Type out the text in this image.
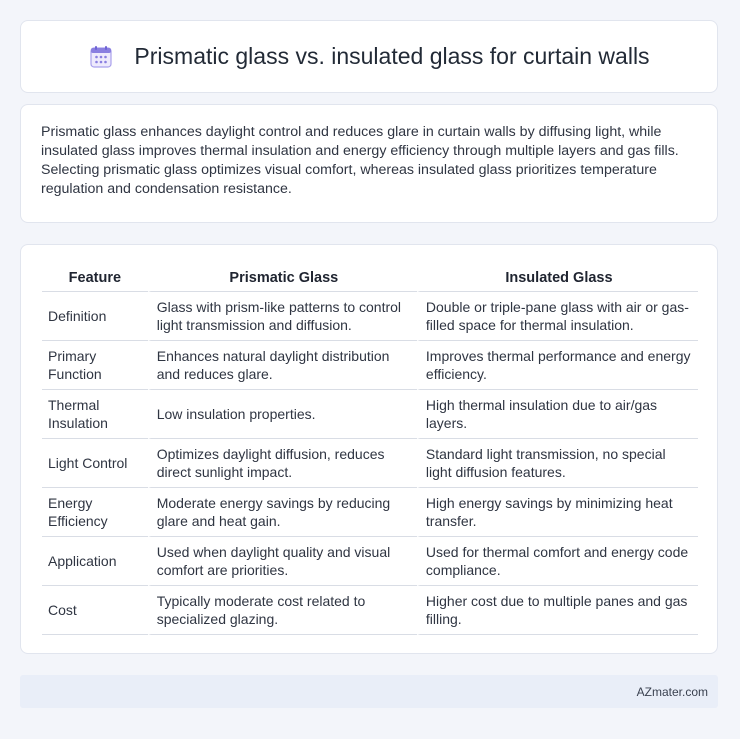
Prismatic glass vs. insulated glass for curtain walls

Prismatic glass enhances daylight control and reduces glare in curtain walls by diffusing light, while insulated glass improves thermal insulation and energy efficiency through multiple layers and gas fills. Selecting prismatic glass optimizes visual comfort, whereas insulated glass prioritizes temperature regulation and condensation resistance.

Feature	Prismatic Glass	Insulated Glass
Definition	Glass with prism-like patterns to control light transmission and diffusion.	Double or triple-pane glass with air or gas-filled space for thermal insulation.
Primary Function	Enhances natural daylight distribution and reduces glare.	Improves thermal performance and energy efficiency.
Thermal Insulation	Low insulation properties.	High thermal insulation due to air/gas layers.
Light Control	Optimizes daylight diffusion, reduces direct sunlight impact.	Standard light transmission, no special light diffusion features.
Energy Efficiency	Moderate energy savings by reducing glare and heat gain.	High energy savings by minimizing heat transfer.
Application	Used when daylight quality and visual comfort are priorities.	Used for thermal comfort and energy code compliance.
Cost	Typically moderate cost related to specialized glazing.	Higher cost due to multiple panes and gas filling.
AZmater.com
